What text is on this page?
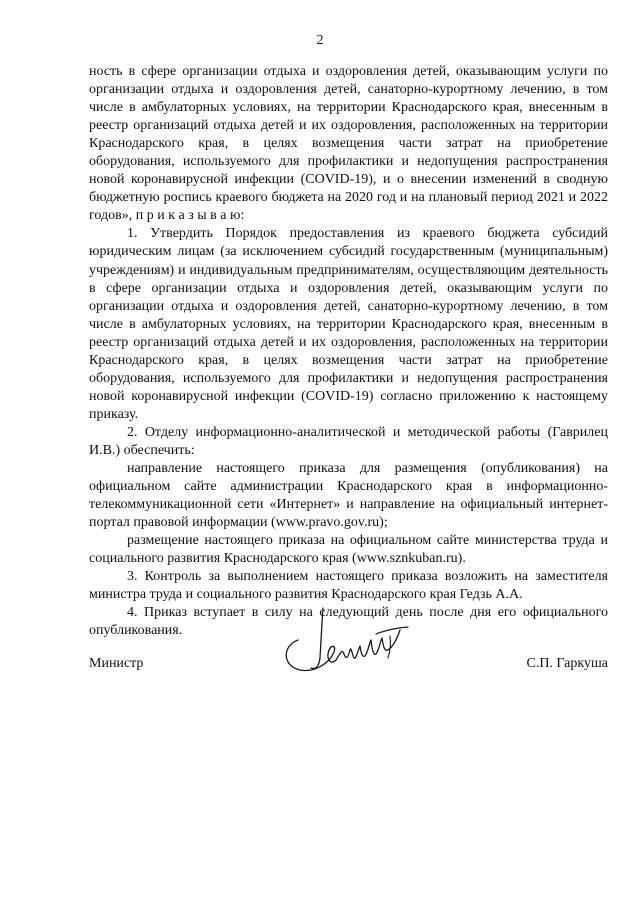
2

ность в сфере организации отдыха и оздоровления детей, оказывающим услуги по организации отдыха и оздоровления детей, санаторно-курортному лечению, в том числе в амбулаторных условиях, на территории Краснодарского края, внесенным в реестр организаций отдыха детей и их оздоровления, расположенных на территории Краснодарского края, в целях возмещения части затрат на приобретение оборудования, используемого для профилактики и недопущения распространения новой коронавирусной инфекции (COVID-19), и о внесении изменений в сводную бюджетную роспись краевого бюджета на 2020 год и на плановый период 2021 и 2022 годов», п р и к а з ы в а ю:

1. Утвердить Порядок предоставления из краевого бюджета субсидий юридическим лицам (за исключением субсидий государственным (муниципальным) учреждениям) и индивидуальным предпринимателям, осуществляющим деятельность в сфере организации отдыха и оздоровления детей, оказывающим услуги по организации отдыха и оздоровления детей, санаторно-курортному лечению, в том числе в амбулаторных условиях, на территории Краснодарского края, внесенным в реестр организаций отдыха детей и их оздоровления, расположенных на территории Краснодарского края, в целях возмещения части затрат на приобретение оборудования, используемого для профилактики и недопущения распространения новой коронавирусной инфекции (COVID-19) согласно приложению к настоящему приказу.

2. Отделу информационно-аналитической и методической работы (Гаврилец И.В.) обеспечить:

направление настоящего приказа для размещения (опубликования) на официальном сайте администрации Краснодарского края в информационно-телекоммуникационной сети «Интернет» и направление на официальный интернет-портал правовой информации (www.pravo.gov.ru);

размещение настоящего приказа на официальном сайте министерства труда и социального развития Краснодарского края (www.sznkuban.ru).

3. Контроль за выполнением настоящего приказа возложить на заместителя министра труда и социального развития Краснодарского края Гедзь А.А.

4. Приказ вступает в силу на следующий день после дня его официального опубликования.

Министр	С.П. Гаркуша
